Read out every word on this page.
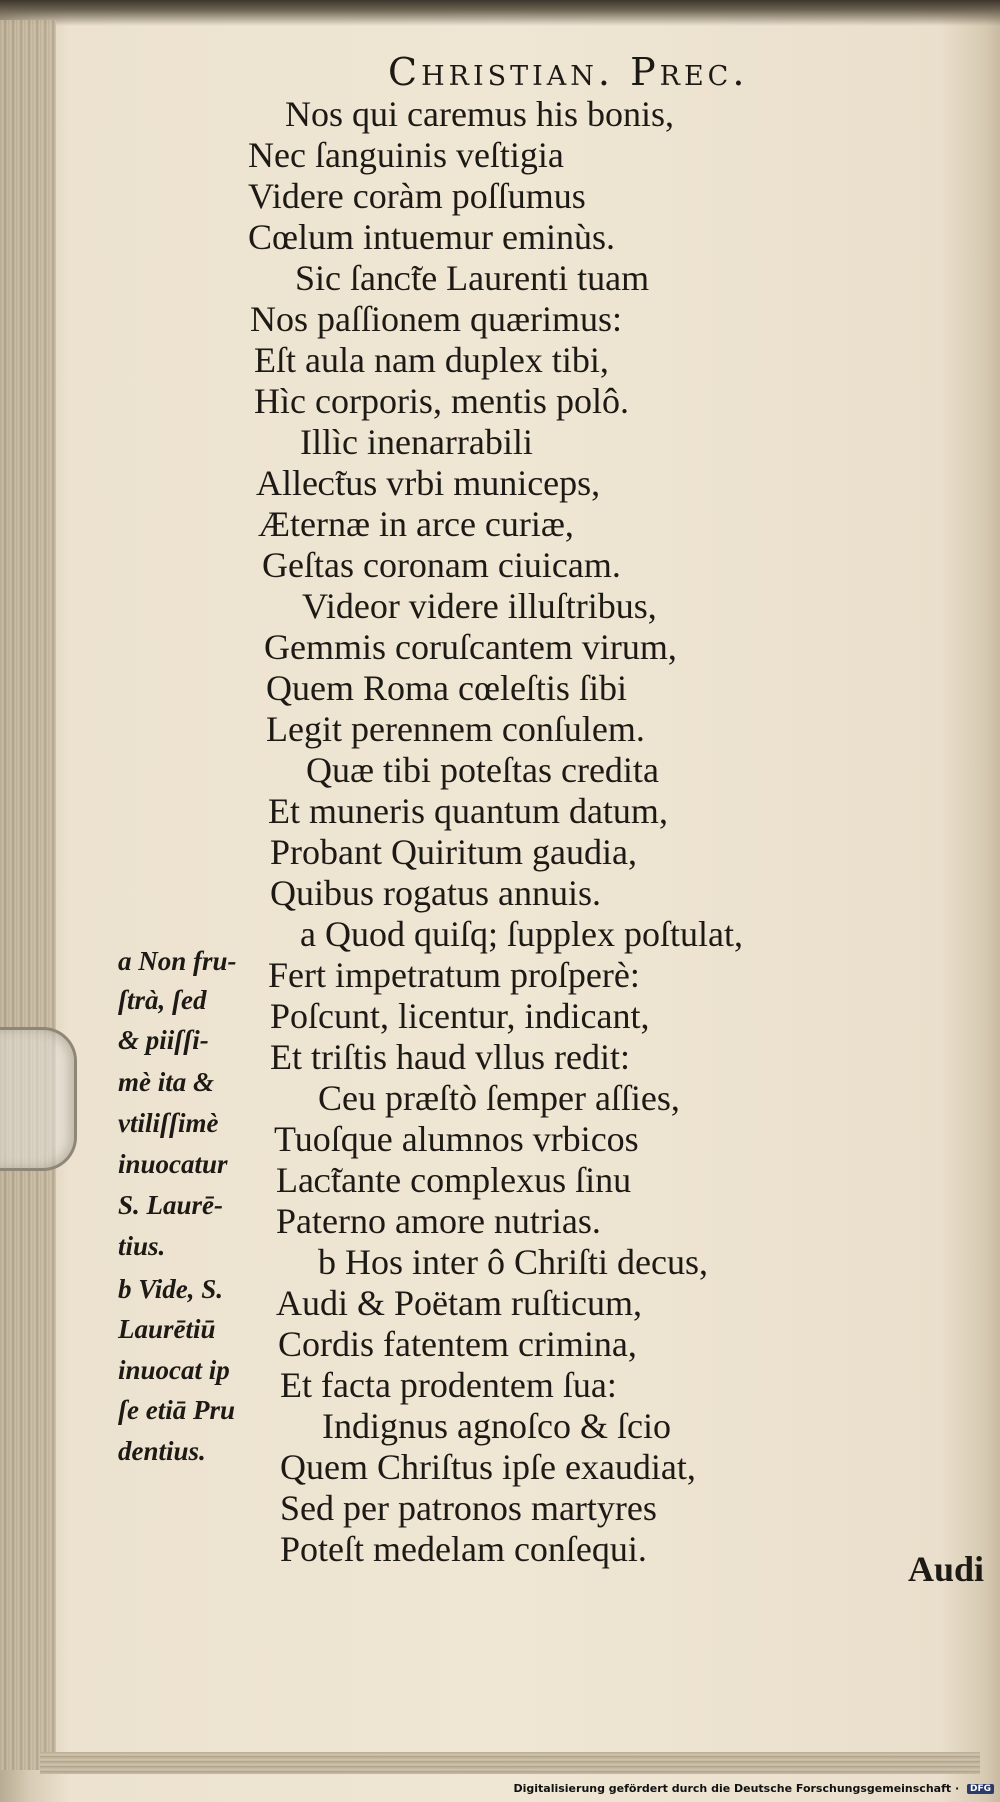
Christian. Prec.
Nos qui caremus his bonis,
Nec ſanguinis veſtigia
Videre coràm poſſumus
Cœlum intuemur eminùs.
Sic ſanᴄ̃te Laurenti tuam
Nos paſſionem quærimus:
Eſt aula nam duplex tibi,
Hìc corporis, mentis polô.
Illìc inenarrabili
Alleᴄ̃tus vrbi municeps,
Æternæ in arce curiæ,
Geſtas coronam ciuicam.
Videor videre illuſtribus,
Gemmis coruſcantem virum,
Quem Roma cœleſtis ſibi
Legit perennem conſulem.
Quæ tibi poteſtas credita
Et muneris quantum datum,
Probant Quiritum gaudia,
Quibus rogatus annuis.
a Quod quiſq; ſupplex poſtulat,
Fert impetratum proſperè:
Poſcunt, licentur, indicant,
Et triſtis haud vllus redit:
Ceu præſtò ſemper aſſies,
Tuoſque alumnos vrbicos
Laᴄ̃tante complexus ſinu
Paterno amore nutrias.
b Hos inter ô Chriſti decus,
Audi & Poëtam ruſticum,
Cordis fatentem crimina,
Et facta prodentem ſua:
Indignus agnoſco & ſcio
Quem Chriſtus ipſe exaudiat,
Sed per patronos martyres
Poteſt medelam conſequi.
a Non fru-
ſtrà, ſed
& piiſſi-
mè ita &
vtiliſſimè
inuocatur
S. Laurē-
tius.
b Vide, S.
Laurētiū
inuocat ip
ſe etiā Pru
dentius.
Audi
Digitalisierung gefördert durch die Deutsche Forschungsgemeinschaft · DFG
